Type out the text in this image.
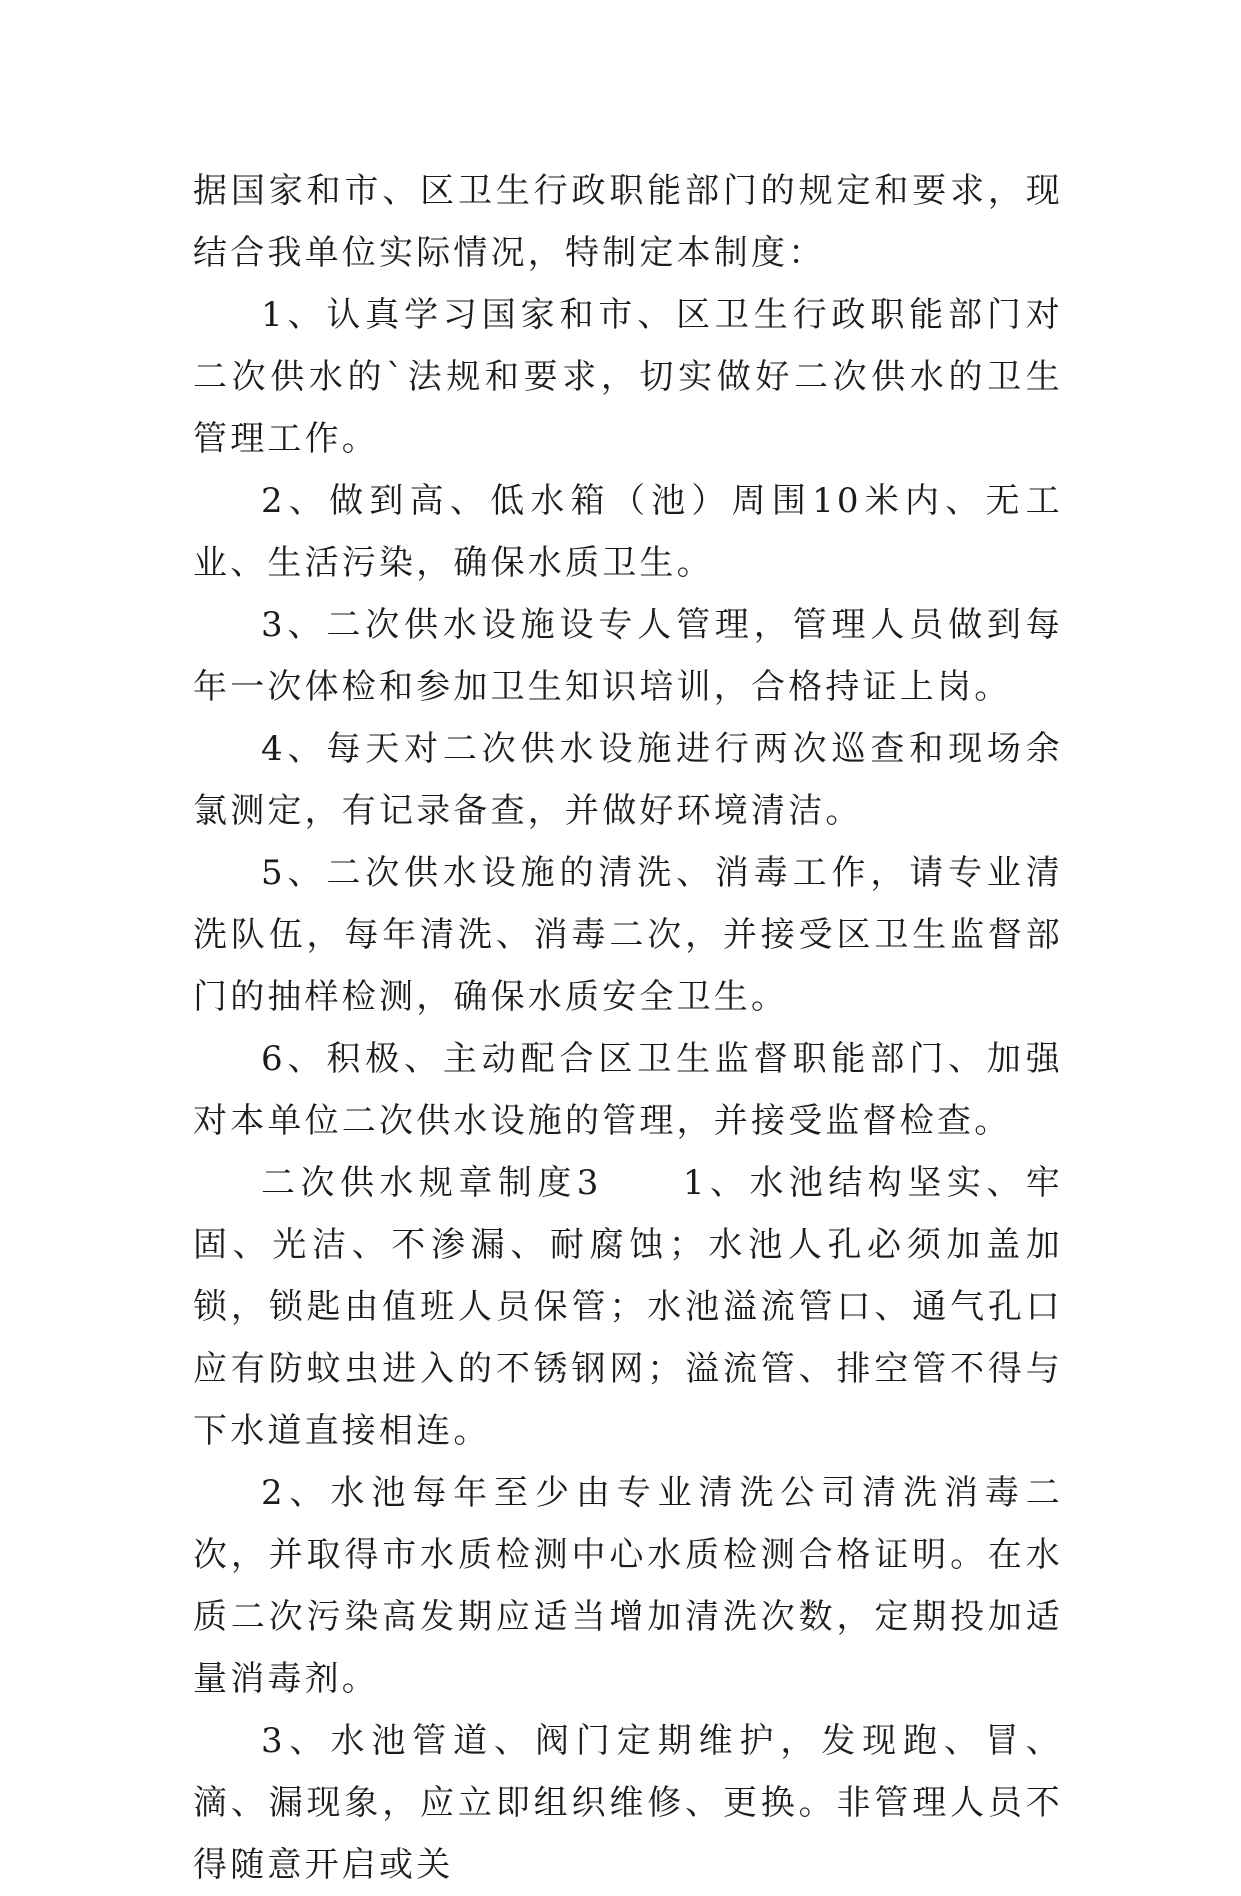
据国家和市、区卫生行政职能部门的规定和要求，现结合我单位实际情况，特制定本制度：

1、认真学习国家和市、区卫生行政职能部门对二次供水的`法规和要求，切实做好二次供水的卫生管理工作。

2、做到高、低水箱（池）周围10米内、无工业、生活污染，确保水质卫生。

3、二次供水设施设专人管理，管理人员做到每年一次体检和参加卫生知识培训，合格持证上岗。

4、每天对二次供水设施进行两次巡查和现场余氯测定，有记录备查，并做好环境清洁。

5、二次供水设施的清洗、消毒工作，请专业清洗队伍，每年清洗、消毒二次，并接受区卫生监督部门的抽样检测，确保水质安全卫生。

6、积极、主动配合区卫生监督职能部门、加强对本单位二次供水设施的管理，并接受监督检查。

二次供水规章制度3　　1、水池结构坚实、牢固、光洁、不渗漏、耐腐蚀；水池人孔必须加盖加锁，锁匙由值班人员保管；水池溢流管口、通气孔口应有防蚊虫进入的不锈钢网；溢流管、排空管不得与下水道直接相连。

2、水池每年至少由专业清洗公司清洗消毒二次，并取得市水质检测中心水质检测合格证明。在水质二次污染高发期应适当增加清洗次数，定期投加适量消毒剂。

3、水池管道、阀门定期维护，发现跑、冒、滴、漏现象，应立即组织维修、更换。非管理人员不得随意开启或关
